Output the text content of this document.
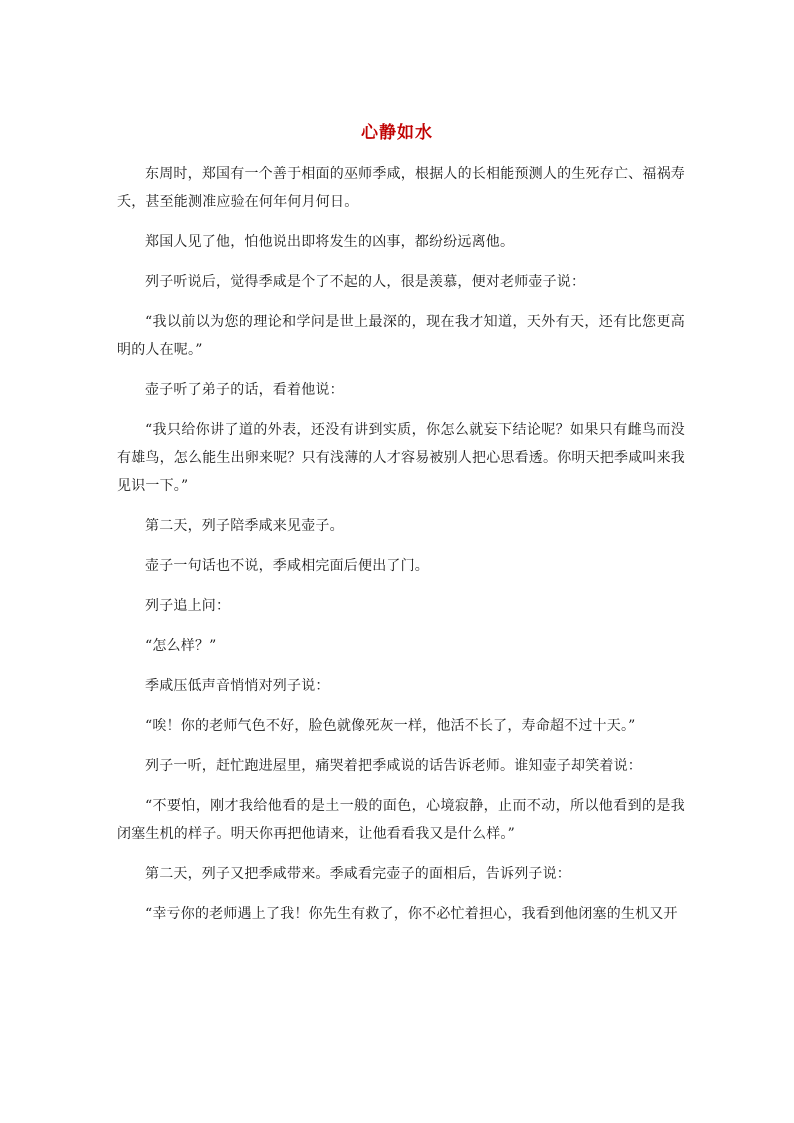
心静如水

东周时，郑国有一个善于相面的巫师季咸，根据人的长相能预测人的生死存亡、福祸寿夭，甚至能测准应验在何年何月何日。

郑国人见了他，怕他说出即将发生的凶事，都纷纷远离他。

列子听说后，觉得季咸是个了不起的人，很是羡慕，便对老师壶子说：

“我以前以为您的理论和学问是世上最深的，现在我才知道，天外有天，还有比您更高明的人在呢。”

壶子听了弟子的话，看着他说：

“我只给你讲了道的外表，还没有讲到实质，你怎么就妄下结论呢？如果只有雌鸟而没有雄鸟，怎么能生出卵来呢？只有浅薄的人才容易被别人把心思看透。你明天把季咸叫来我见识一下。”

第二天，列子陪季咸来见壶子。

壶子一句话也不说，季咸相完面后便出了门。

列子追上问：

“怎么样？”

季咸压低声音悄悄对列子说：

“唉！你的老师气色不好，脸色就像死灰一样，他活不长了，寿命超不过十天。”

列子一听，赶忙跑进屋里，痛哭着把季咸说的话告诉老师。谁知壶子却笑着说：

“不要怕，刚才我给他看的是土一般的面色，心境寂静，止而不动，所以他看到的是我闭塞生机的样子。明天你再把他请来，让他看看我又是什么样。”

第二天，列子又把季咸带来。季咸看完壶子的面相后，告诉列子说：

“幸亏你的老师遇上了我！你先生有救了，你不必忙着担心，我看到他闭塞的生机又开
